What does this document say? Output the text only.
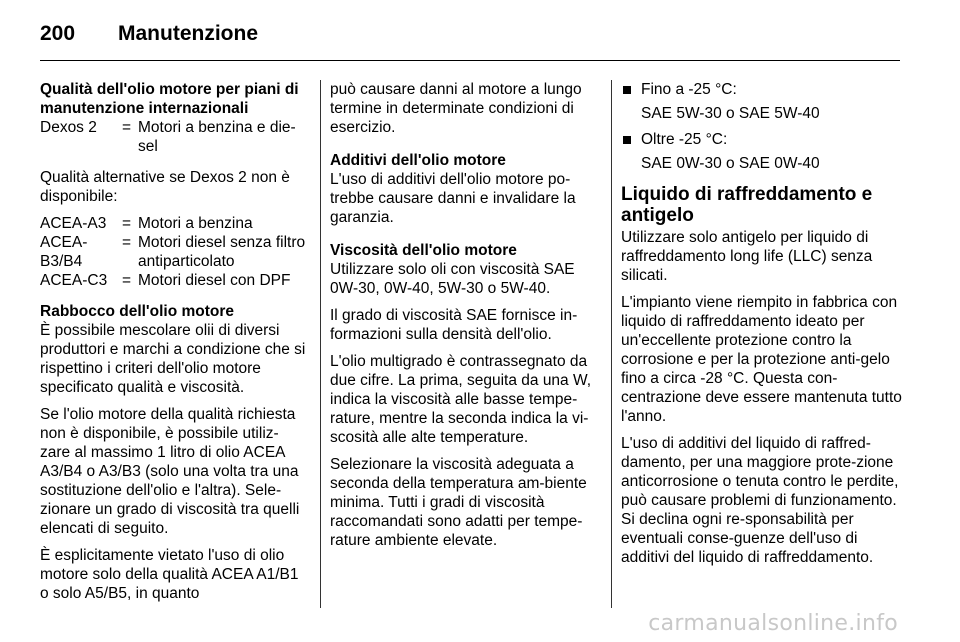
200	Manutenzione

Qualità dell'olio motore per piani di manutenzione internazionali

Dexos 2	=	Motori a benzina e die-sel

Qualità alternative se Dexos 2 non è disponibile:

ACEA-A3	=	Motori a benzina
ACEA-B3/B4	=	Motori diesel senza filtro antiparticolato
ACEA-C3	=	Motori diesel con DPF

Rabbocco dell'olio motore

È possibile mescolare olii di diversi produttori e marchi a condizione che si rispettino i criteri dell'olio motore specificato qualità e viscosità.

Se l'olio motore della qualità richiesta non è disponibile, è possibile utiliz-zare al massimo 1 litro di olio ACEA A3/B4 o A3/B3 (solo una volta tra una sostituzione dell'olio e l'altra). Sele-zionare un grado di viscosità tra quelli elencati di seguito.

È esplicitamente vietato l'uso di olio motore solo della qualità ACEA A1/B1 o solo A5/B5, in quanto

può causare danni al motore a lungo termine in determinate condizioni di esercizio.

Additivi dell'olio motore

L'uso di additivi dell'olio motore po-trebbe causare danni e invalidare la garanzia.

Viscosità dell'olio motore

Utilizzare solo oli con viscosità SAE 0W-30, 0W-40, 5W-30 o 5W-40.

Il grado di viscosità SAE fornisce in-formazioni sulla densità dell'olio.

L'olio multigrado è contrassegnato da due cifre. La prima, seguita da una W, indica la viscosità alle basse tempe-rature, mentre la seconda indica la vi-scosità alle alte temperature.

Selezionare la viscosità adeguata a seconda della temperatura am-biente minima. Tutti i gradi di viscosità raccomandati sono adatti per tempe-rature ambiente elevate.

Fino a -25 °C:
SAE 5W-30 o SAE 5W-40
Oltre -25 °C:
SAE 0W-30 o SAE 0W-40

Liquido di raffreddamento e antigelo

Utilizzare solo antigelo per liquido di raffreddamento long life (LLC) senza silicati.

L'impianto viene riempito in fabbrica con liquido di raffreddamento ideato per un'eccellente protezione contro la corrosione e per la protezione anti-gelo fino a circa -28 °C. Questa con-centrazione deve essere mantenuta tutto l'anno.

L'uso di additivi del liquido di raffred-damento, per una maggiore prote-zione anticorrosione o tenuta contro le perdite, può causare problemi di funzionamento. Si declina ogni re-sponsabilità per eventuali conse-guenze dell'uso di additivi del liquido di raffreddamento.

carmanualsonline.info
